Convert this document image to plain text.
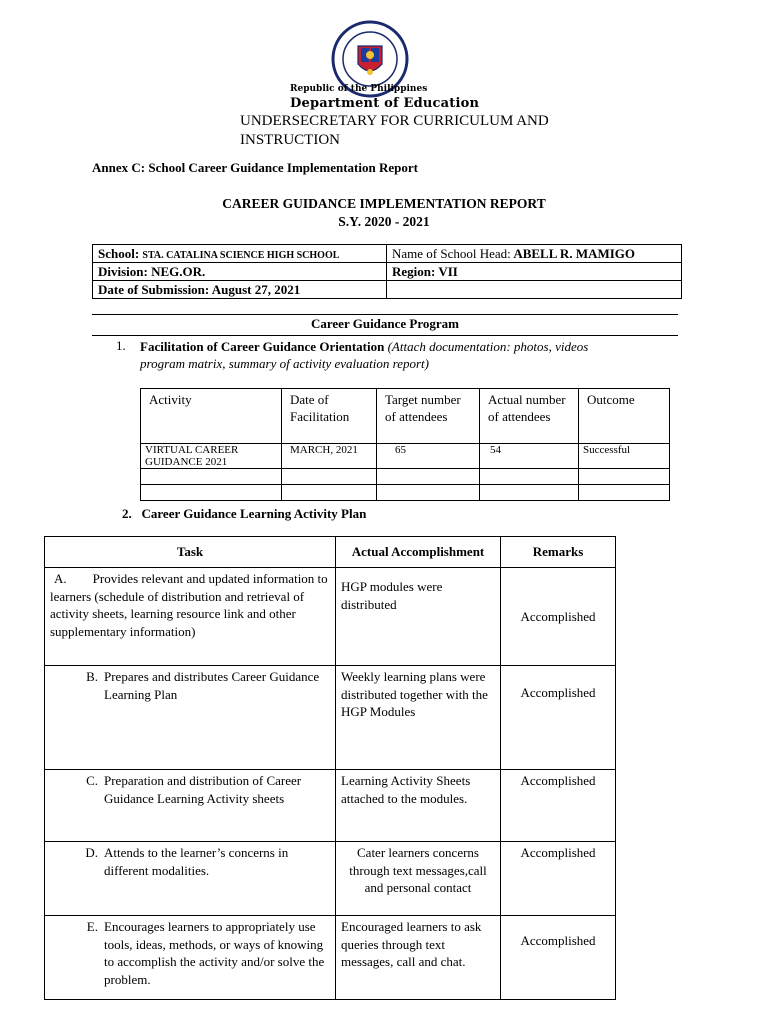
Republic of the Philippines
Department of Education
UNDERSECRETARY FOR CURRICULUM AND INSTRUCTION
Annex C: School Career Guidance Implementation Report
CAREER GUIDANCE IMPLEMENTATION REPORT
S.Y. 2020 - 2021
School: STA. CATALINA SCIENCE HIGH SCHOOL	Name of School Head: ABELL R. MAMIGO
Division: NEG.OR.	Region: VII
Date of Submission: August 27, 2021	
Career Guidance Program
1. Facilitation of Career Guidance Orientation (Attach documentation: photos, videos program matrix, summary of activity evaluation report)
Activity	Date of Facilitation	Target number of attendees	Actual number of attendees	Outcome
VIRTUAL CAREER GUIDANCE 2021	MARCH, 2021	65	54	Successful

2.   Career Guidance Learning Activity Plan
Task	Actual Accomplishment	Remarks
A. Provides relevant and updated information to learners (schedule of distribution and retrieval of activity sheets, learning resource link and other supplementary information)	HGP modules were distributed	Accomplished

B. Prepares and distributes Career Guidance Learning Plan	Weekly learning plans were distributed together with the HGP Modules	Accomplished

C. Preparation and distribution of Career Guidance Learning Activity sheets	Learning Activity Sheets attached to the modules.	Accomplished

D. Attends to the learner’s concerns in different modalities.	Cater learners concerns through text messages,call and personal contact	Accomplished

E. Encourages learners to appropriately use tools, ideas, methods, or ways of knowing to accomplish the activity and/or solve the problem.	Encouraged learners to ask queries through text messages, call and chat.	Accomplished
